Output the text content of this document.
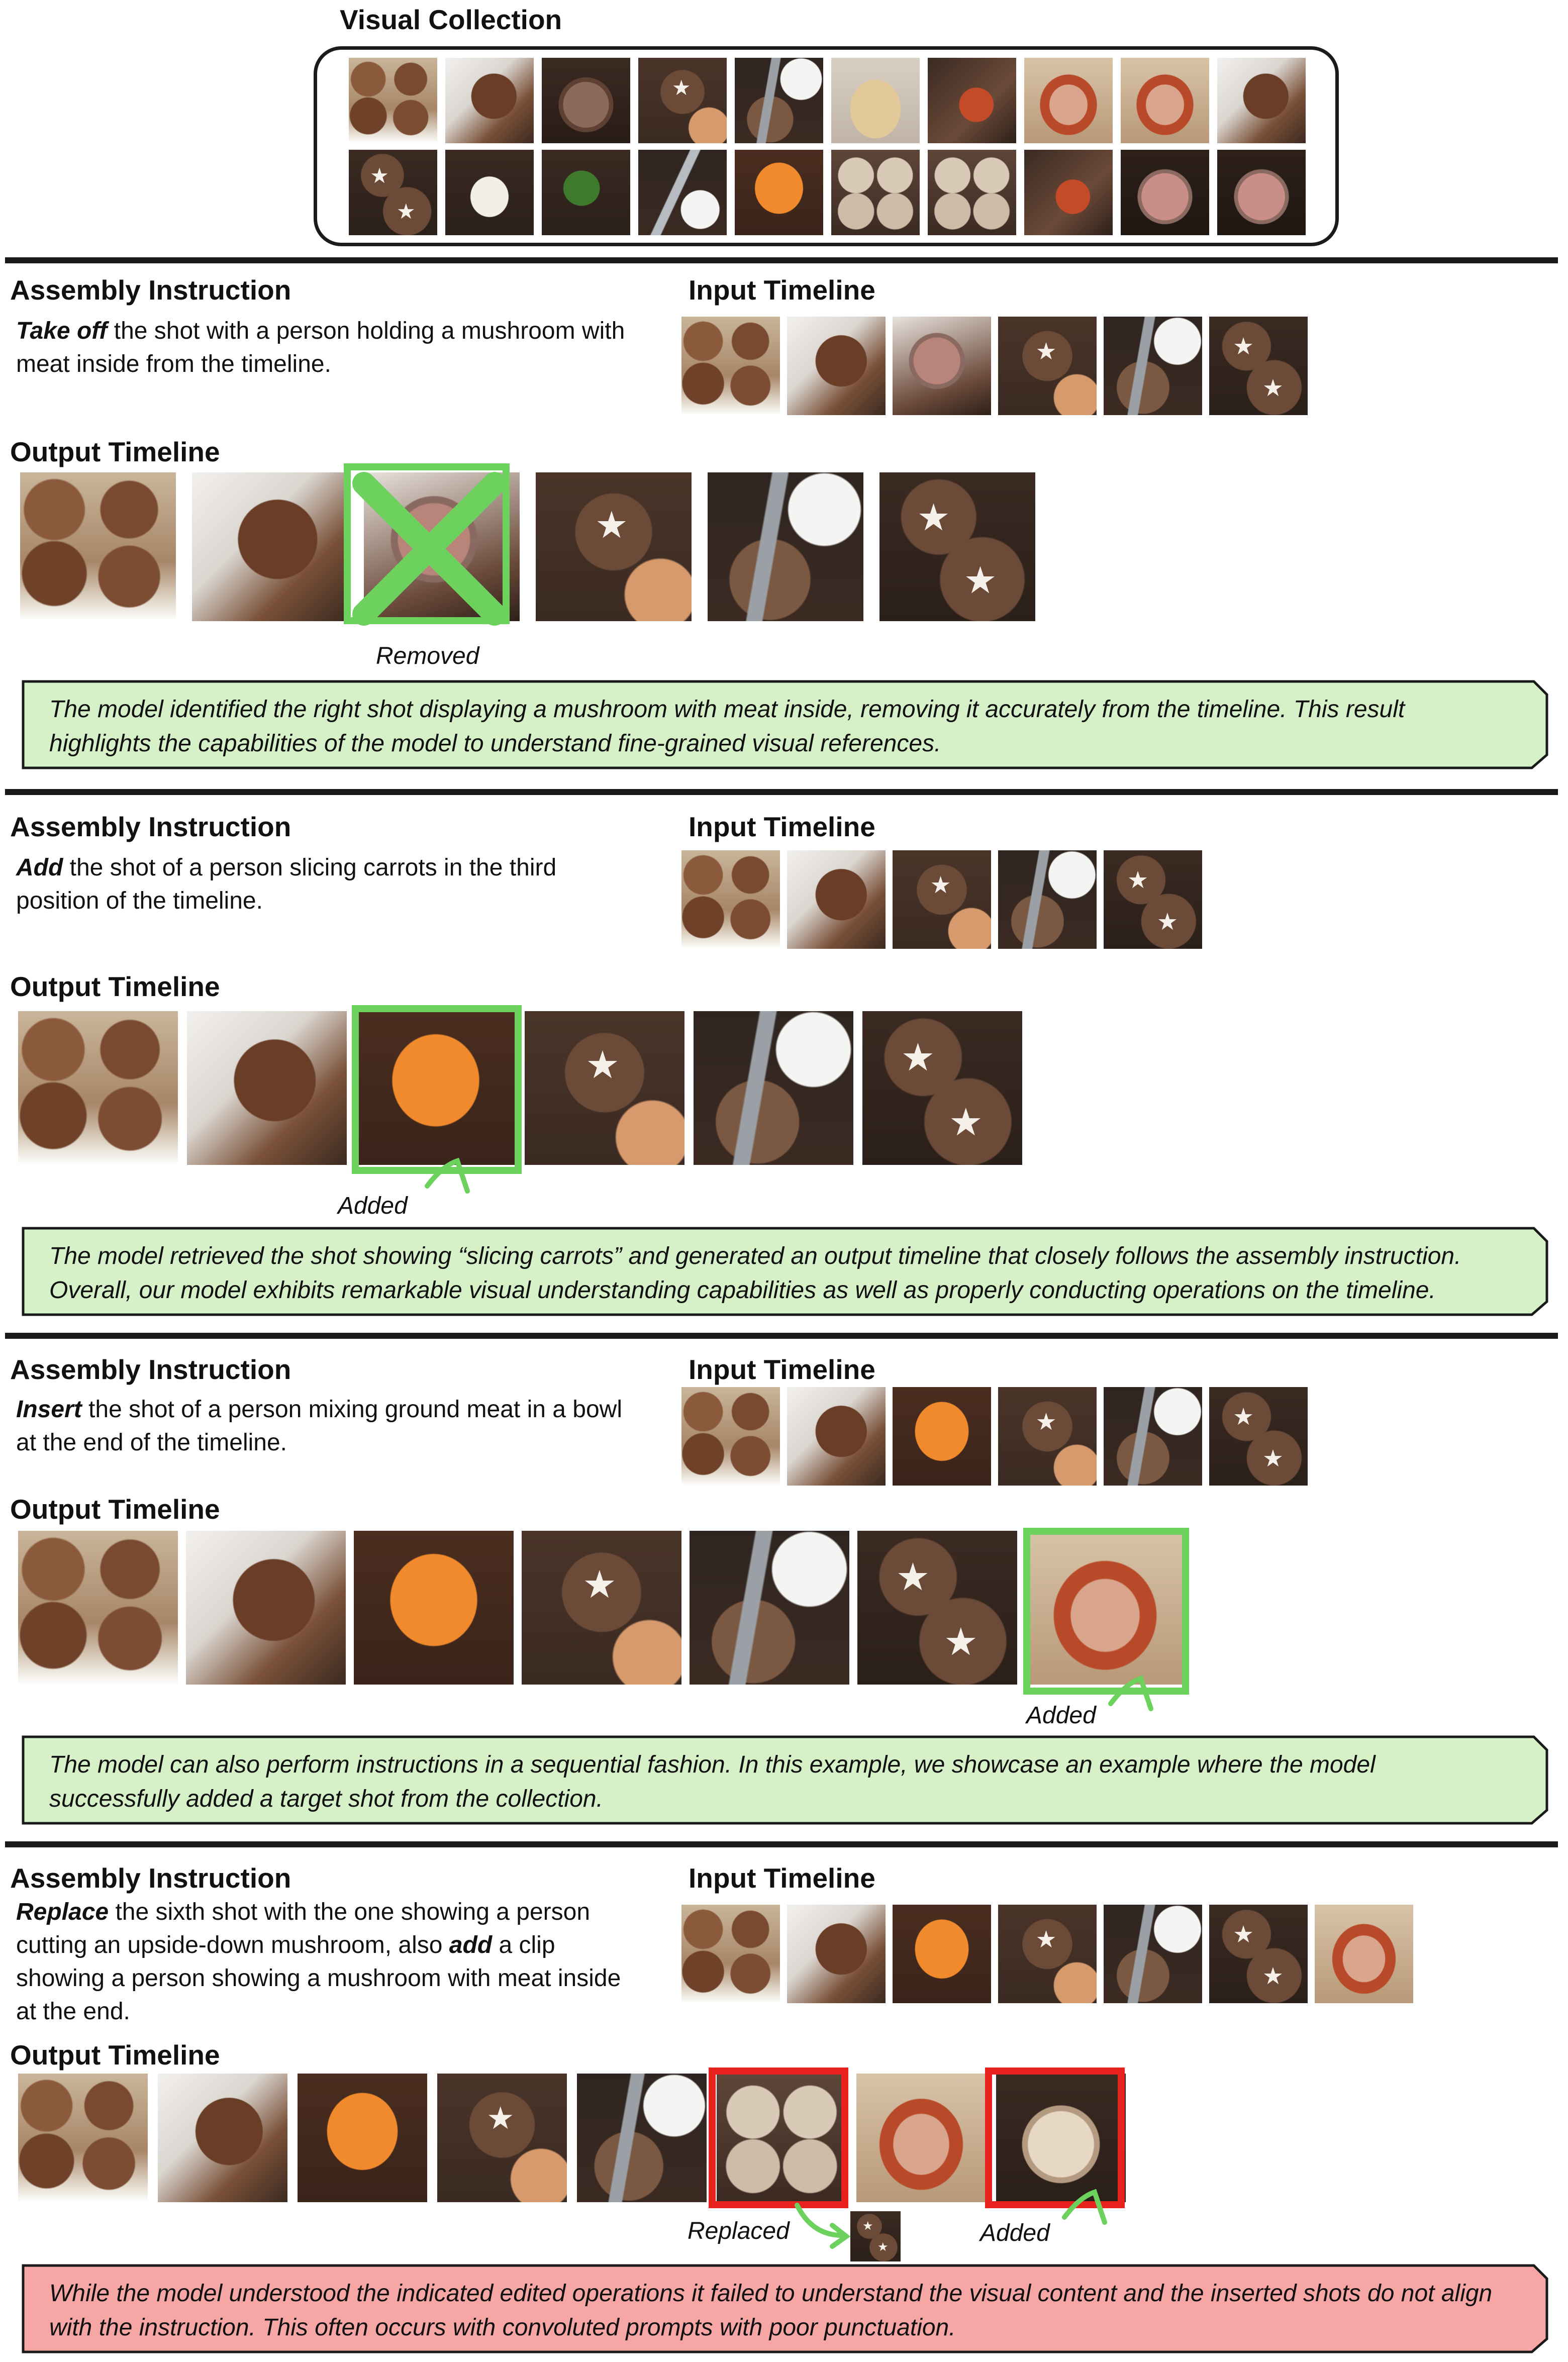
Visual Collection
Assembly Instruction
Take off the shot with a person holding a mushroom with meat inside from the timeline.
Input Timeline
Output Timeline
Removed
The model identified the right shot displaying a mushroom with meat inside, removing it accurately from the timeline. This result highlights the capabilities of the model to understand fine-grained visual references.
Assembly Instruction
Add the shot of a person slicing carrots in the third position of the timeline.
Input Timeline
Output Timeline
Added
The model retrieved the shot showing “slicing carrots” and generated an output timeline that closely follows the assembly instruction. Overall, our model exhibits remarkable visual understanding capabilities as well as properly conducting operations on the timeline.
Assembly Instruction
Insert the shot of a person mixing ground meat in a bowl at the end of the timeline.
Input Timeline
Output Timeline
Added
The model can also perform instructions in a sequential fashion. In this example, we showcase an example where the model successfully added a target shot from the collection.
Assembly Instruction
Replace the sixth shot with the one showing a person cutting an upside-down mushroom, also add a clip showing a person showing a mushroom with meat inside at the end.
Input Timeline
Output Timeline
Replaced	Added
While the model understood the indicated edited operations it failed to understand the visual content and the inserted shots do not align with the instruction. This often occurs with convoluted prompts with poor punctuation.
★
★
★
★	★
★
★	★
★
★	★
★
★	★
★
★	★
★
★	★
★
★	★
★
★
★
★
